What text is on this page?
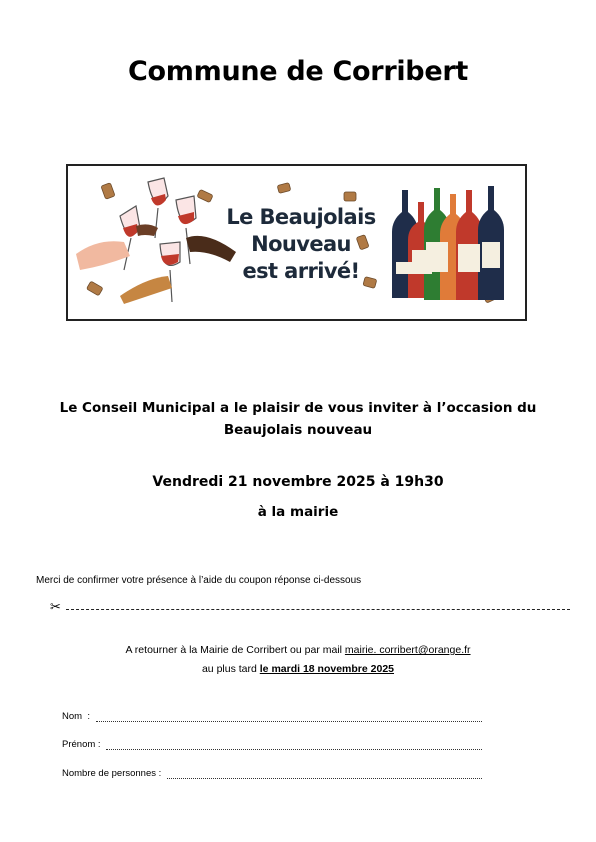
Commune de Corribert
Le Beaujolais
Nouveau
est arrivé!
Le Conseil Municipal a le plaisir de vous inviter à l’occasion du
Beaujolais nouveau
Vendredi 21 novembre 2025 à 19h30
à la mairie
Merci de confirmer votre présence à l’aide du coupon réponse ci-dessous
✂
A retourner à la Mairie de Corribert ou par mail mairie. corribert@orange.fr
au plus tard le mardi 18 novembre 2025
Nom  :
Prénom :
Nombre de personnes :
